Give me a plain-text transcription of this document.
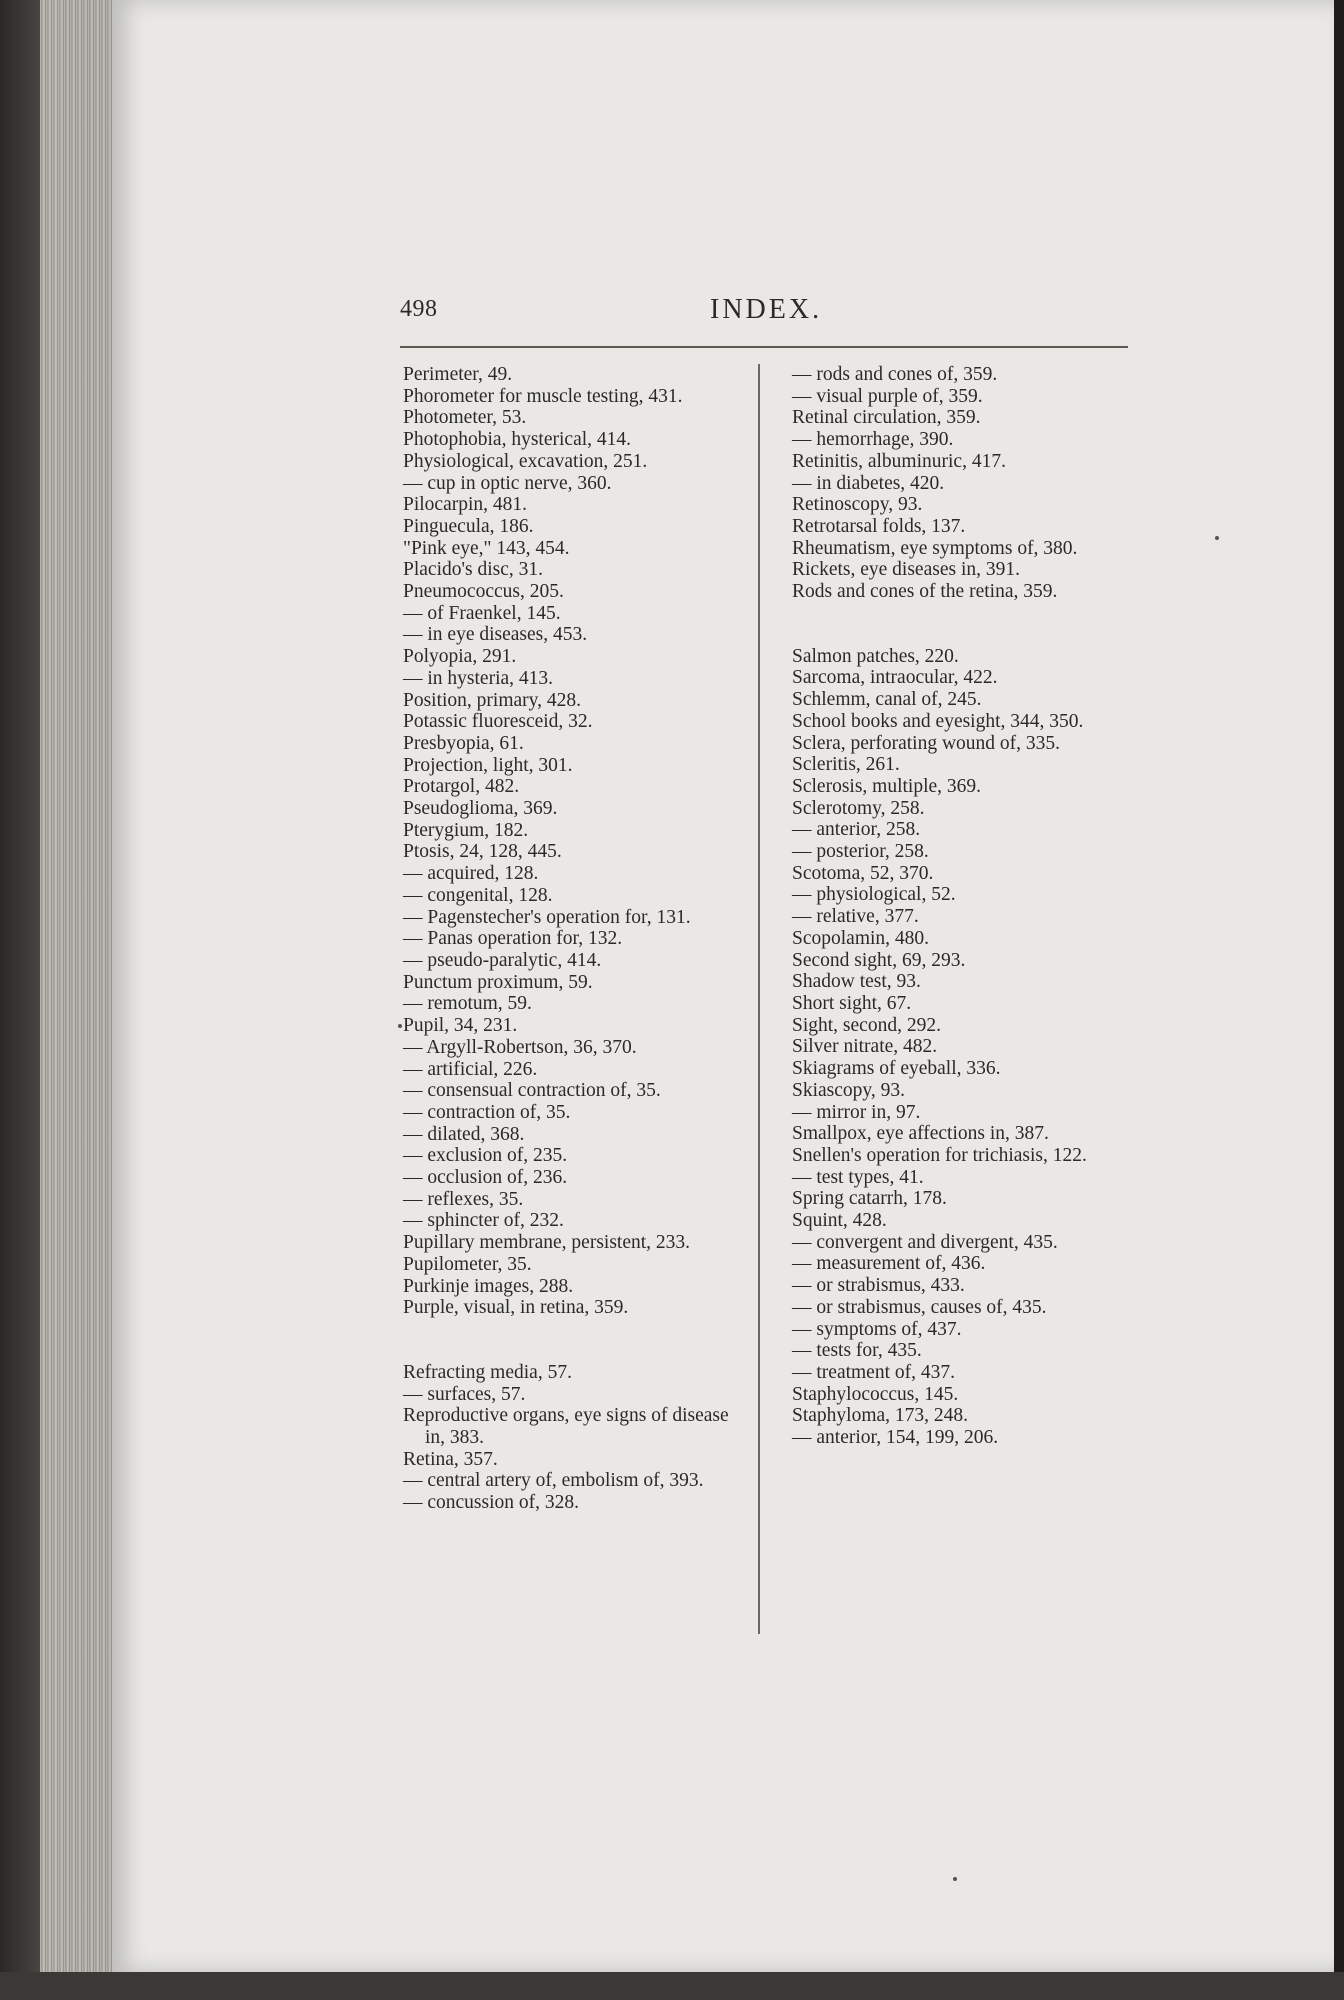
498	INDEX.

Perimeter, 49.

Phorometer for muscle testing, 431.

Photometer, 53.

Photophobia, hysterical, 414.

Physiological, excavation, 251.

— cup in optic nerve, 360.

Pilocarpin, 481.

Pinguecula, 186.

"Pink eye," 143, 454.

Placido's disc, 31.

Pneumococcus, 205.

— of Fraenkel, 145.

— in eye diseases, 453.

Polyopia, 291.

— in hysteria, 413.

Position, primary, 428.

Potassic fluoresceid, 32.

Presbyopia, 61.

Projection, light, 301.

Protargol, 482.

Pseudoglioma, 369.

Pterygium, 182.

Ptosis, 24, 128, 445.

— acquired, 128.

— congenital, 128.

— Pagenstecher's operation for, 131.

— Panas operation for, 132.

— pseudo-paralytic, 414.

Punctum proximum, 59.

— remotum, 59.

Pupil, 34, 231.

— Argyll-Robertson, 36, 370.

— artificial, 226.

— consensual contraction of, 35.

— contraction of, 35.

— dilated, 368.

— exclusion of, 235.

— occlusion of, 236.

— reflexes, 35.

— sphincter of, 232.

Pupillary membrane, persistent, 233.

Pupilometer, 35.

Purkinje images, 288.

Purple, visual, in retina, 359.

Refracting media, 57.

— surfaces, 57.

Reproductive organs, eye signs of disease in, 383.

Retina, 357.

— central artery of, embolism of, 393.

— concussion of, 328.

— rods and cones of, 359.

— visual purple of, 359.

Retinal circulation, 359.

— hemorrhage, 390.

Retinitis, albuminuric, 417.

— in diabetes, 420.

Retinoscopy, 93.

Retrotarsal folds, 137.

Rheumatism, eye symptoms of, 380.

Rickets, eye diseases in, 391.

Rods and cones of the retina, 359.

Salmon patches, 220.

Sarcoma, intraocular, 422.

Schlemm, canal of, 245.

School books and eyesight, 344, 350.

Sclera, perforating wound of, 335.

Scleritis, 261.

Sclerosis, multiple, 369.

Sclerotomy, 258.

— anterior, 258.

— posterior, 258.

Scotoma, 52, 370.

— physiological, 52.

— relative, 377.

Scopolamin, 480.

Second sight, 69, 293.

Shadow test, 93.

Short sight, 67.

Sight, second, 292.

Silver nitrate, 482.

Skiagrams of eyeball, 336.

Skiascopy, 93.

— mirror in, 97.

Smallpox, eye affections in, 387.

Snellen's operation for trichiasis, 122.

— test types, 41.

Spring catarrh, 178.

Squint, 428.

— convergent and divergent, 435.

— measurement of, 436.

— or strabismus, 433.

— or strabismus, causes of, 435.

— symptoms of, 437.

— tests for, 435.

— treatment of, 437.

Staphylococcus, 145.

Staphyloma, 173, 248.

— anterior, 154, 199, 206.
